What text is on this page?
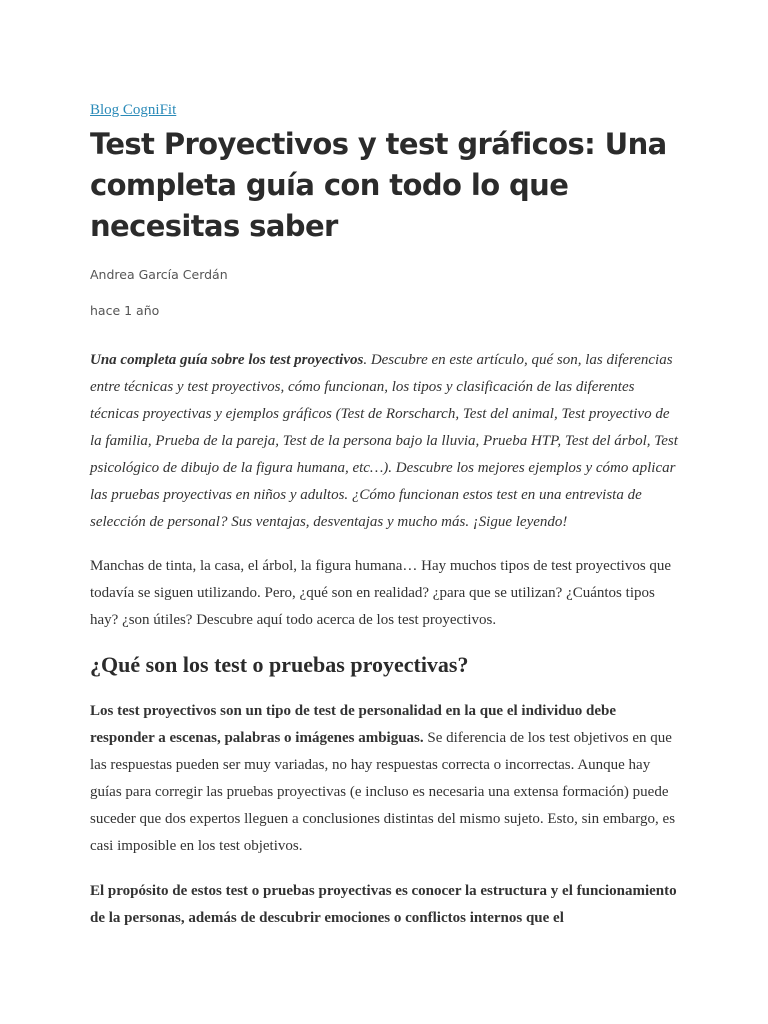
Blog CogniFit
Test Proyectivos y test gráficos: Una completa guía con todo lo que necesitas saber

Andrea García Cerdán

hace 1 año

Una completa guía sobre los test proyectivos. Descubre en este artículo, qué son, las diferencias entre técnicas y test proyectivos, cómo funcionan, los tipos y clasificación de las diferentes técnicas proyectivas y ejemplos gráficos (Test de Rorscharch, Test del animal, Test proyectivo de la familia, Prueba de la pareja, Test de la persona bajo la lluvia, Prueba HTP, Test del árbol, Test psicológico de dibujo de la figura humana, etc…). Descubre los mejores ejemplos y cómo aplicar las pruebas proyectivas en niños y adultos. ¿Cómo funcionan estos test en una entrevista de selección de personal? Sus ventajas, desventajas y mucho más. ¡Sigue leyendo!

Manchas de tinta, la casa, el árbol, la figura humana… Hay muchos tipos de test proyectivos que todavía se siguen utilizando. Pero, ¿qué son en realidad? ¿para que se utilizan? ¿Cuántos tipos hay? ¿son útiles? Descubre aquí todo acerca de los test proyectivos.

¿Qué son los test o pruebas proyectivas?

Los test proyectivos son un tipo de test de personalidad en la que el individuo debe responder a escenas, palabras o imágenes ambiguas. Se diferencia de los test objetivos en que las respuestas pueden ser muy variadas, no hay respuestas correcta o incorrectas. Aunque hay guías para corregir las pruebas proyectivas (e incluso es necesaria una extensa formación) puede suceder que dos expertos lleguen a conclusiones distintas del mismo sujeto. Esto, sin embargo, es casi imposible en los test objetivos.

El propósito de estos test o pruebas proyectivas es conocer la estructura y el funcionamiento de la personas, además de descubrir emociones o conflictos internos que el
